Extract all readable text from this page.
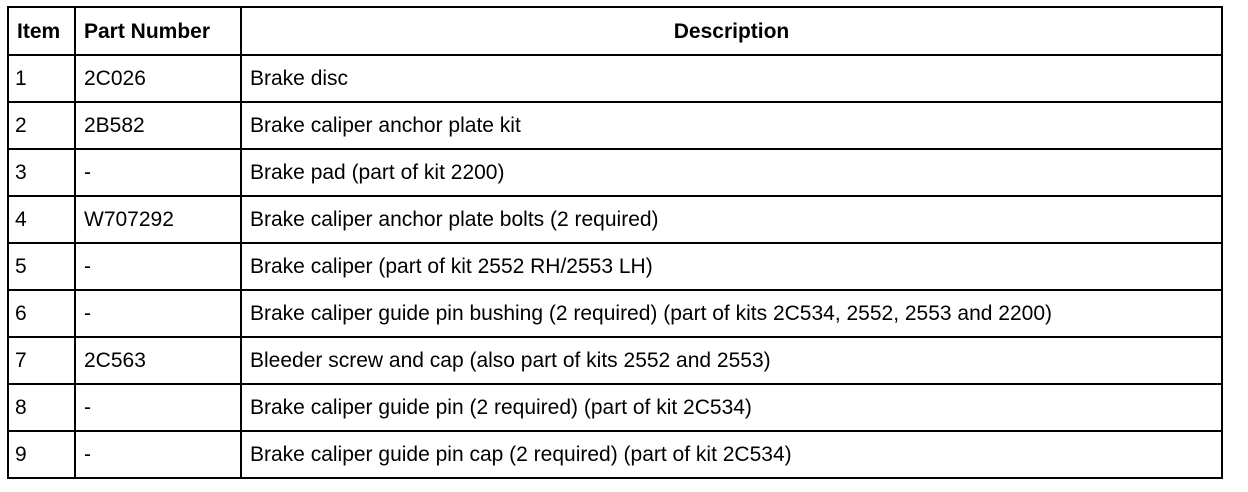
Item	Part Number	Description
1	2C026	Brake disc
2	2B582	Brake caliper anchor plate kit
3	-	Brake pad (part of kit 2200)
4	W707292	Brake caliper anchor plate bolts (2 required)
5	-	Brake caliper (part of kit 2552 RH/2553 LH)
6	-	Brake caliper guide pin bushing (2 required) (part of kits 2C534, 2552, 2553 and 2200)
7	2C563	Bleeder screw and cap (also part of kits 2552 and 2553)
8	-	Brake caliper guide pin (2 required) (part of kit 2C534)
9	-	Brake caliper guide pin cap (2 required) (part of kit 2C534)
